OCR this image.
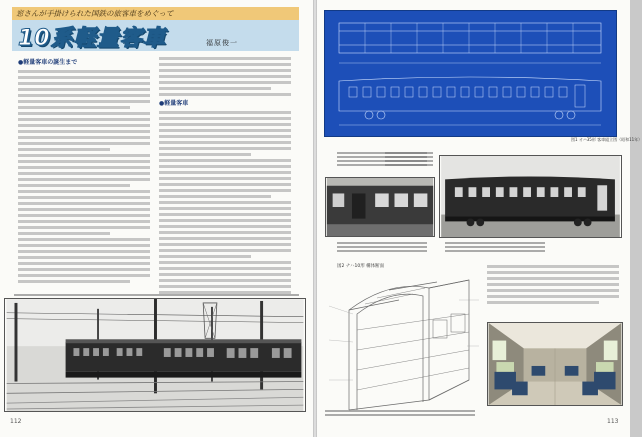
窓さんが手掛けられた国鉄の旅客車をめぐって
10系軽量客車	福原俊一
●軽量客車の誕生まで
●軽量客車
112
図1 オハ35形 客車組立図（昭和11年）
図2 ナハ10形 構体断面
113
